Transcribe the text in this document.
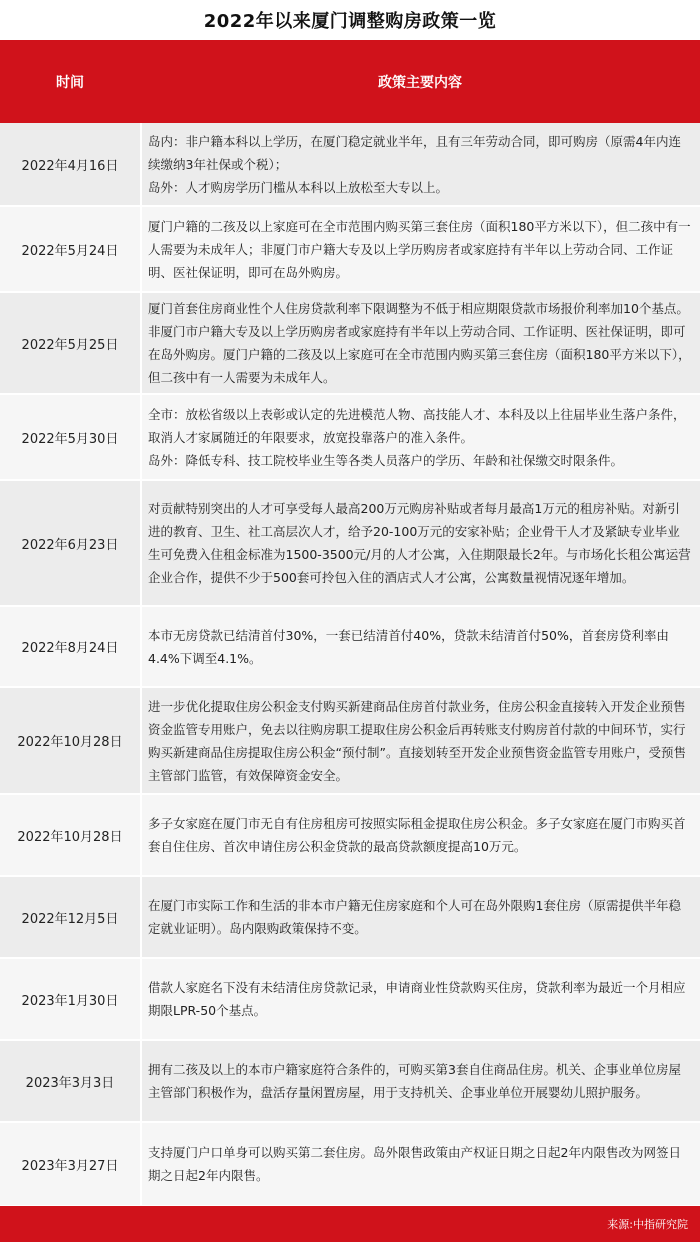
2022年以来厦门调整购房政策一览
时间	政策主要内容
2022年4月16日
岛内：非户籍本科以上学历，在厦门稳定就业半年，且有三年劳动合同，即可购房（原需4年内连续缴纳3年社保或个税）；
岛外：人才购房学历门槛从本科以上放松至大专以上。
2022年5月24日
厦门户籍的二孩及以上家庭可在全市范围内购买第三套住房（面积180平方米以下），但二孩中有一人需要为未成年人；非厦门市户籍大专及以上学历购房者或家庭持有半年以上劳动合同、工作证明、医社保证明，即可在岛外购房。
2022年5月25日
厦门首套住房商业性个人住房贷款利率下限调整为不低于相应期限贷款市场报价利率加10个基点。非厦门市户籍大专及以上学历购房者或家庭持有半年以上劳动合同、工作证明、医社保证明，即可在岛外购房。厦门户籍的二孩及以上家庭可在全市范围内购买第三套住房（面积180平方米以下），但二孩中有一人需要为未成年人。
2022年5月30日
全市：放松省级以上表彰或认定的先进模范人物、高技能人才、本科及以上往届毕业生落户条件，取消人才家属随迁的年限要求，放宽投靠落户的准入条件。
岛外：降低专科、技工院校毕业生等各类人员落户的学历、年龄和社保缴交时限条件。
2022年6月23日
对贡献特别突出的人才可享受每人最高200万元购房补贴或者每月最高1万元的租房补贴。对新引进的教育、卫生、社工高层次人才，给予20-100万元的安家补贴；企业骨干人才及紧缺专业毕业生可免费入住租金标准为1500-3500元/月的人才公寓，入住期限最长2年。与市场化长租公寓运营企业合作，提供不少于500套可拎包入住的酒店式人才公寓，公寓数量视情况逐年增加。
2022年8月24日
本市无房贷款已结清首付30%，一套已结清首付40%，贷款未结清首付50%，首套房贷利率由4.4%下调至4.1%。
2022年10月28日
进一步优化提取住房公积金支付购买新建商品住房首付款业务，住房公积金直接转入开发企业预售资金监管专用账户，免去以往购房职工提取住房公积金后再转账支付购房首付款的中间环节，实行购买新建商品住房提取住房公积金“预付制”。直接划转至开发企业预售资金监管专用账户，受预售主管部门监管，有效保障资金安全。
2022年10月28日
多子女家庭在厦门市无自有住房租房可按照实际租金提取住房公积金。多子女家庭在厦门市购买首套自住住房、首次申请住房公积金贷款的最高贷款额度提高10万元。
2022年12月5日
在厦门市实际工作和生活的非本市户籍无住房家庭和个人可在岛外限购1套住房（原需提供半年稳定就业证明）。岛内限购政策保持不变。
2023年1月30日
借款人家庭名下没有未结清住房贷款记录，申请商业性贷款购买住房，贷款利率为最近一个月相应期限LPR-50个基点。
2023年3月3日
拥有二孩及以上的本市户籍家庭符合条件的，可购买第3套自住商品住房。机关、企事业单位房屋主管部门积极作为，盘活存量闲置房屋，用于支持机关、企事业单位开展婴幼儿照护服务。
2023年3月27日
支持厦门户口单身可以购买第二套住房。岛外限售政策由产权证日期之日起2年内限售改为网签日期之日起2年内限售。
来源:中指研究院
